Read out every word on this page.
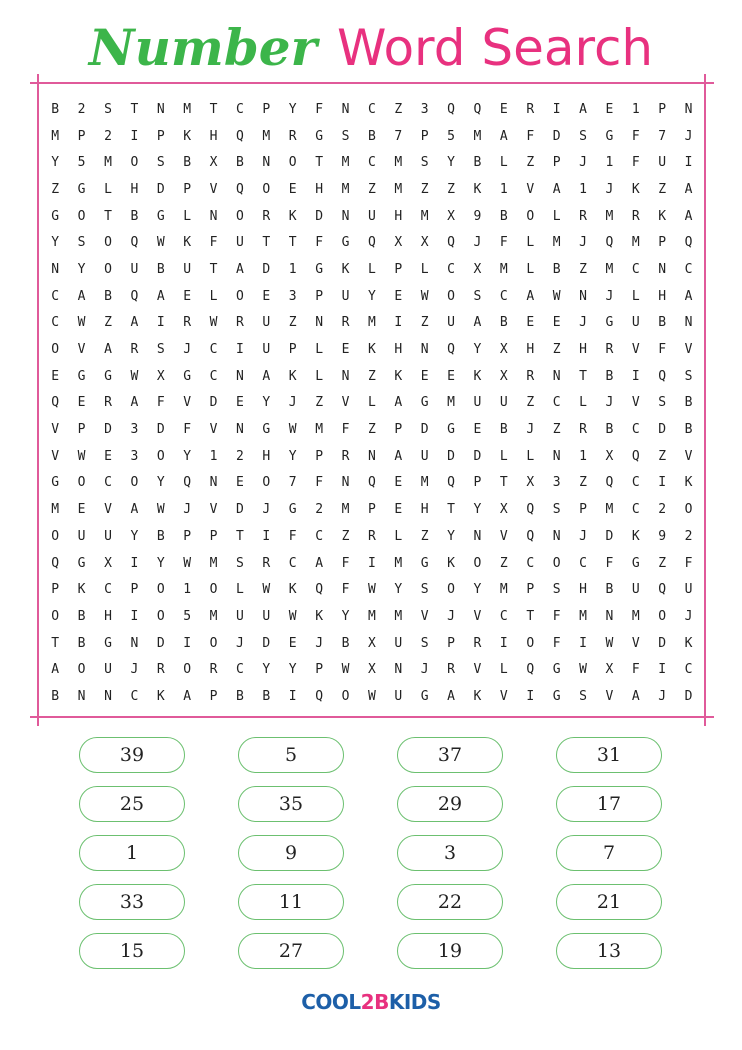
Number Word Search
B	2	S	T	N	M	T	C	P	Y	F	N	C	Z	3	Q	Q	E	R	I	A	E	1	P	N
M	P	2	I	P	K	H	Q	M	R	G	S	B	7	P	5	M	A	F	D	S	G	F	7	J
Y	5	M	O	S	B	X	B	N	O	T	M	C	M	S	Y	B	L	Z	P	J	1	F	U	I
Z	G	L	H	D	P	V	Q	O	E	H	M	Z	M	Z	Z	K	1	V	A	1	J	K	Z	A
G	O	T	B	G	L	N	O	R	K	D	N	U	H	M	X	9	B	O	L	R	M	R	K	A
Y	S	O	Q	W	K	F	U	T	T	F	G	Q	X	X	Q	J	F	L	M	J	Q	M	P	Q
N	Y	O	U	B	U	T	A	D	1	G	K	L	P	L	C	X	M	L	B	Z	M	C	N	C
C	A	B	Q	A	E	L	O	E	3	P	U	Y	E	W	O	S	C	A	W	N	J	L	H	A
C	W	Z	A	I	R	W	R	U	Z	N	R	M	I	Z	U	A	B	E	E	J	G	U	B	N
O	V	A	R	S	J	C	I	U	P	L	E	K	H	N	Q	Y	X	H	Z	H	R	V	F	V
E	G	G	W	X	G	C	N	A	K	L	N	Z	K	E	E	K	X	R	N	T	B	I	Q	S
Q	E	R	A	F	V	D	E	Y	J	Z	V	L	A	G	M	U	U	Z	C	L	J	V	S	B
V	P	D	3	D	F	V	N	G	W	M	F	Z	P	D	G	E	B	J	Z	R	B	C	D	B
V	W	E	3	O	Y	1	2	H	Y	P	R	N	A	U	D	D	L	L	N	1	X	Q	Z	V
G	O	C	O	Y	Q	N	E	O	7	F	N	Q	E	M	Q	P	T	X	3	Z	Q	C	I	K
M	E	V	A	W	J	V	D	J	G	2	M	P	E	H	T	Y	X	Q	S	P	M	C	2	O
O	U	U	Y	B	P	P	T	I	F	C	Z	R	L	Z	Y	N	V	Q	N	J	D	K	9	2
Q	G	X	I	Y	W	M	S	R	C	A	F	I	M	G	K	O	Z	C	O	C	F	G	Z	F
P	K	C	P	O	1	O	L	W	K	Q	F	W	Y	S	O	Y	M	P	S	H	B	U	Q	U
O	B	H	I	O	5	M	U	U	W	K	Y	M	M	V	J	V	C	T	F	M	N	M	O	J
T	B	G	N	D	I	O	J	D	E	J	B	X	U	S	P	R	I	O	F	I	W	V	D	K
A	O	U	J	R	O	R	C	Y	Y	P	W	X	N	J	R	V	L	Q	G	W	X	F	I	C
B	N	N	C	K	A	P	B	B	I	Q	O	W	U	G	A	K	V	I	G	S	V	A	J	D
39	5	37	31
25	35	29	17
1	9	3	7
33	11	22	21
15	27	19	13
COOL2BKIDS
